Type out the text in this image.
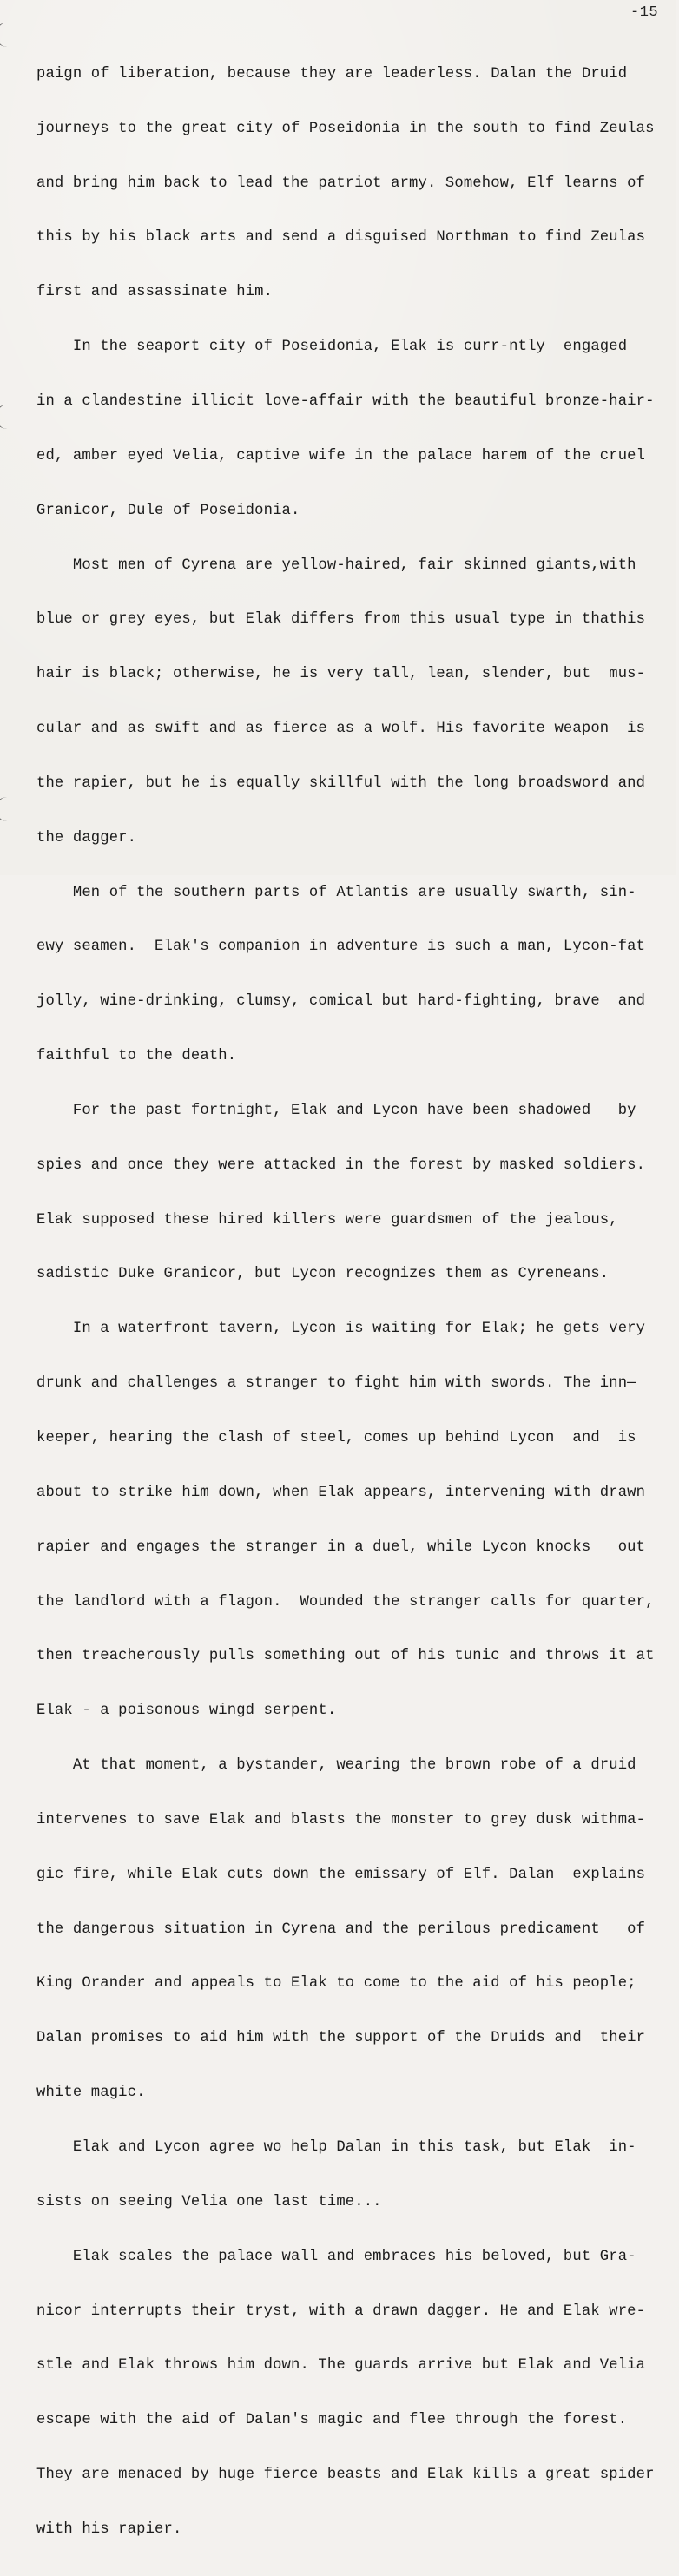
-15

paign of liberation, because they are leaderless. Dalan the Druid

journeys to the great city of Poseidonia in the south to find Zeulas

and bring him back to lead the patriot army. Somehow, Elf learns of

this by his black arts and send a disguised Northman to find Zeulas

first and assassinate him.

In the seaport city of Poseidonia, Elak is curr-ntly  engaged

in a clandestine illicit love-affair with the beautiful bronze-hair-

ed, amber eyed Velia, captive wife in the palace harem of the cruel

Granicor, Dule of Poseidonia.

Most men of Cyrena are yellow-haired, fair skinned giants,with

blue or grey eyes, but Elak differs from this usual type in thathis

hair is black; otherwise, he is very tall, lean, slender, but  mus-

cular and as swift and as fierce as a wolf. His favorite weapon  is

the rapier, but he is equally skillful with the long broadsword and

the dagger.

Men of the southern parts of Atlantis are usually swarth, sin-

ewy seamen.  Elak's companion in adventure is such a man, Lycon-fat

jolly, wine-drinking, clumsy, comical but hard-fighting, brave  and

faithful to the death.

For the past fortnight, Elak and Lycon have been shadowed   by

spies and once they were attacked in the forest by masked soldiers.

Elak supposed these hired killers were guardsmen of the jealous,

sadistic Duke Granicor, but Lycon recognizes them as Cyreneans.

In a waterfront tavern, Lycon is waiting for Elak; he gets very

drunk and challenges a stranger to fight him with swords. The inn—

keeper, hearing the clash of steel, comes up behind Lycon  and  is

about to strike him down, when Elak appears, intervening with drawn

rapier and engages the stranger in a duel, while Lycon knocks   out

the landlord with a flagon.  Wounded the stranger calls for quarter,

then treacherously pulls something out of his tunic and throws it at

Elak - a poisonous wingd serpent.

At that moment, a bystander, wearing the brown robe of a druid

intervenes to save Elak and blasts the monster to grey dusk withma-

gic fire, while Elak cuts down the emissary of Elf. Dalan  explains

the dangerous situation in Cyrena and the perilous predicament   of

King Orander and appeals to Elak to come to the aid of his people;

Dalan promises to aid him with the support of the Druids and  their

white magic.

Elak and Lycon agree wo help Dalan in this task, but Elak  in-

sists on seeing Velia one last time...

Elak scales the palace wall and embraces his beloved, but Gra-

nicor interrupts their tryst, with a drawn dagger. He and Elak wre-

stle and Elak throws him down. The guards arrive but Elak and Velia

escape with the aid of Dalan's magic and flee through the forest.

They are menaced by huge fierce beasts and Elak kills a great spider

with his rapier.
